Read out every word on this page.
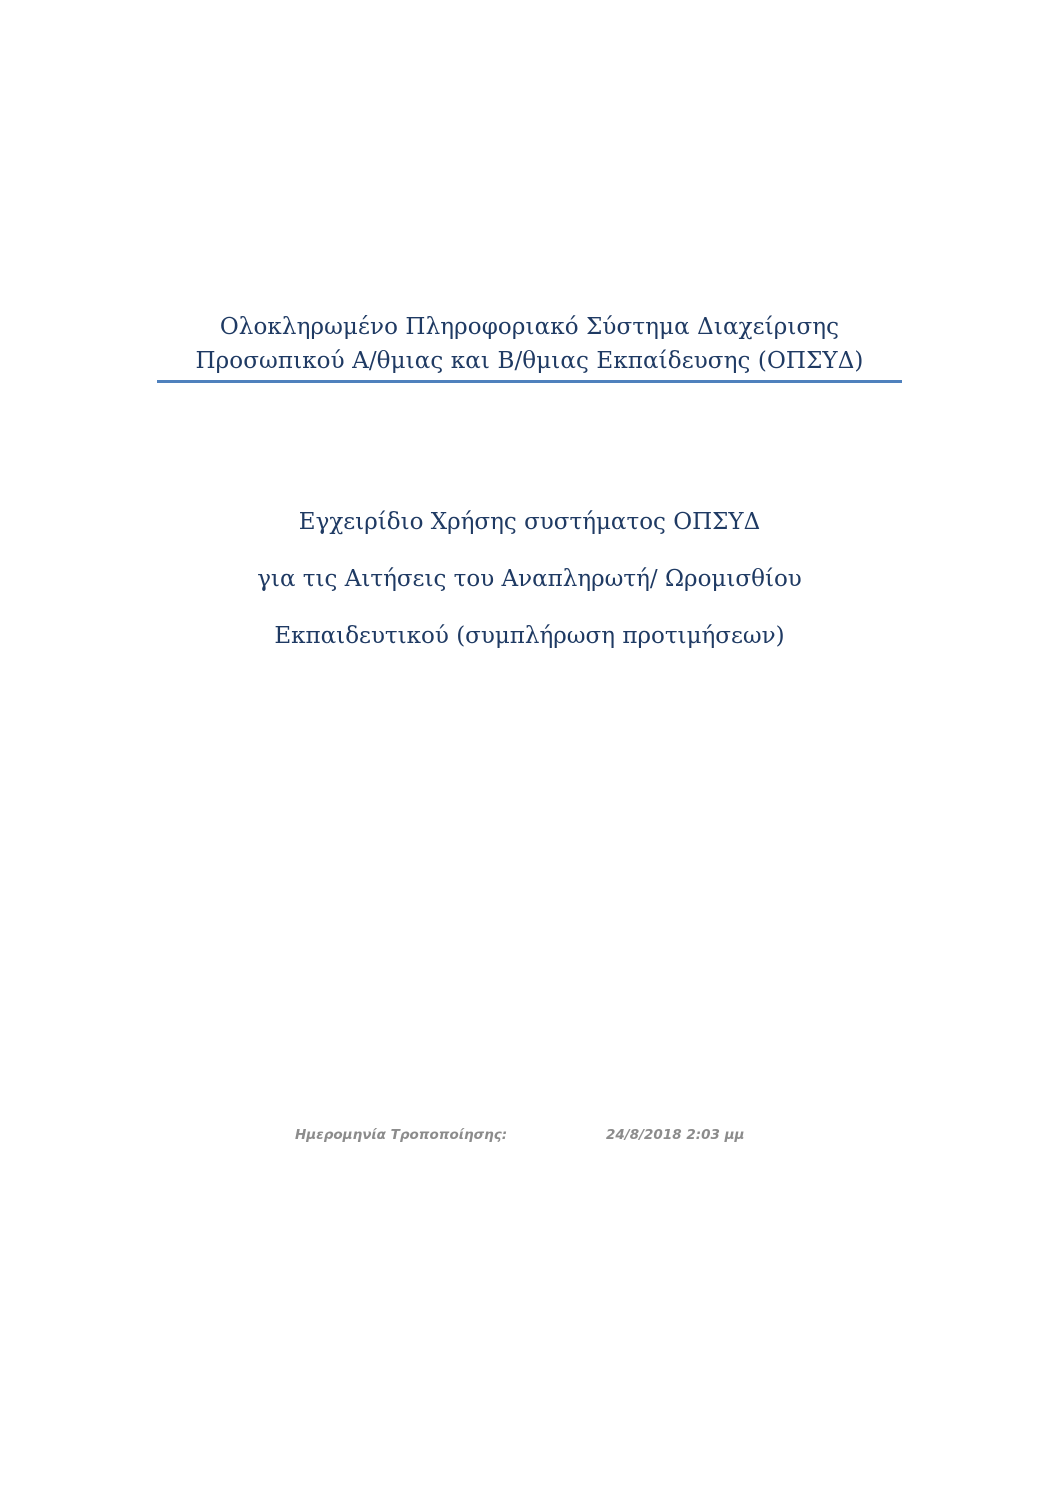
Ολοκληρωμένο Πληροφοριακό Σύστημα Διαχείρισης
Προσωπικού Α/θμιας και Β/θμιας Εκπαίδευσης (ΟΠΣΥΔ)
Εγχειρίδιο Χρήσης συστήματος ΟΠΣΥΔ
για τις Αιτήσεις του Αναπληρωτή/ Ωρομισθίου
Εκπαιδευτικού (συμπλήρωση προτιμήσεων)
Ημερομηνία Τροποποίησης:	24/8/2018 2:03 μμ
